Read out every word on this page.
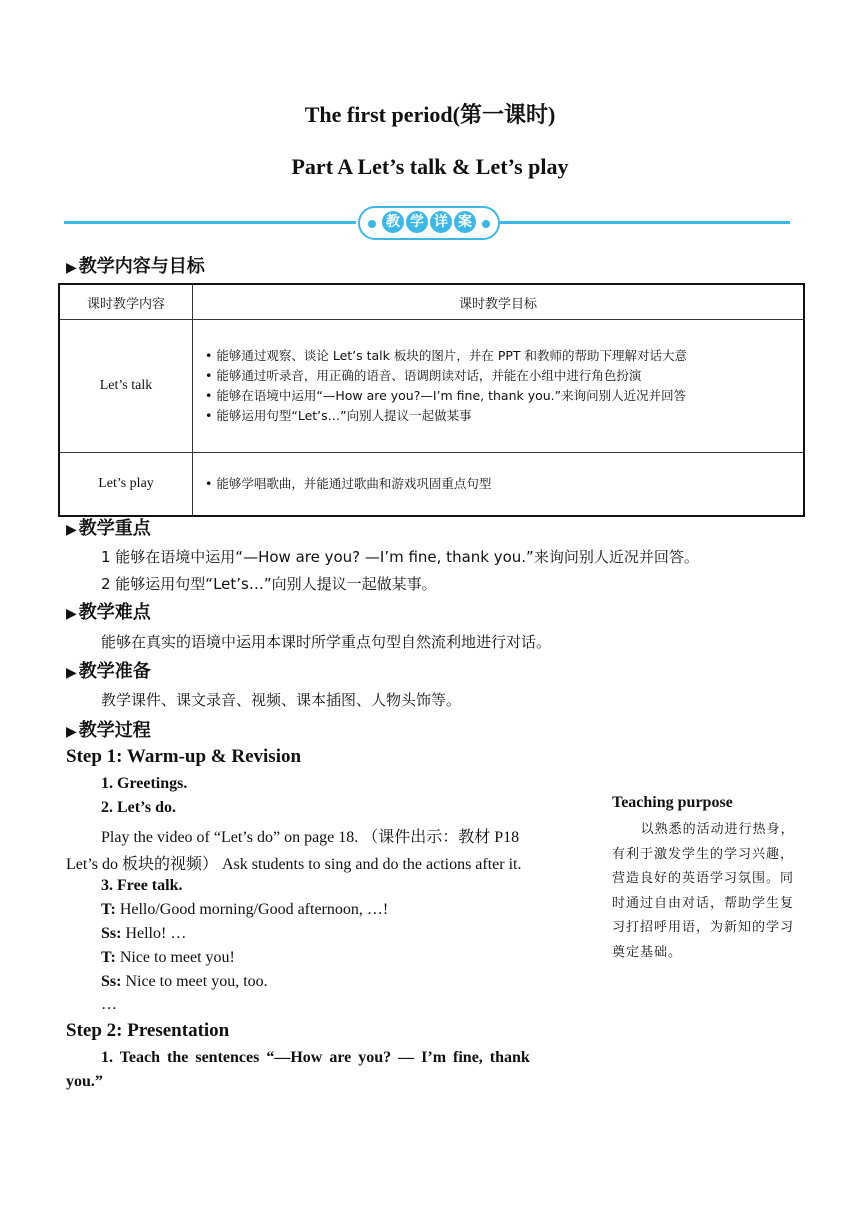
The first period(第一课时)
Part A Let’s talk & Let’s play
教 学 详 案
▶ 教学内容与目标
课时教学内容	课时教学目标
Let’s talk	• 能够通过观察、谈论 Let’s talk 板块的图片，并在 PPT 和教师的帮助下理解对话大意
• 能够通过听录音，用正确的语音、语调朗读对话，并能在小组中进行角色扮演
• 能够在语境中运用“—How are you?—I’m fine, thank you.”来询问别人近况并回答
• 能够运用句型“Let’s…”向别人提议一起做某事

Let’s play	• 能够学唱歌曲，并能通过歌曲和游戏巩固重点句型
▶ 教学重点
1 能够在语境中运用“—How are you? —I’m fine, thank you.”来询问别人近况并回答。
2 能够运用句型“Let’s…”向别人提议一起做某事。
▶ 教学难点
能够在真实的语境中运用本课时所学重点句型自然流利地进行对话。
▶ 教学准备
教学课件、课文录音、视频、课本插图、人物头饰等。
▶ 教学过程
Step 1: Warm-up & Revision
1. Greetings.
2. Let’s do.
Play the video of “Let’s do” on page 18. （课件出示：教材 P18
Let’s do 板块的视频） Ask students to sing and do the actions after it.
3. Free talk.
T: Hello/Good morning/Good afternoon, …!
Ss: Hello! …
T: Nice to meet you!
Ss: Nice to meet you, too.
…
Step 2: Presentation
1. Teach the sentences “—How are you? — I’m fine, thank
you.”
Teaching purpose
以熟悉的活动进行热身，有利于激发学生的学习兴趣，营造良好的英语学习氛围。同时通过自由对话，帮助学生复习打招呼用语，为新知的学习奠定基础。
